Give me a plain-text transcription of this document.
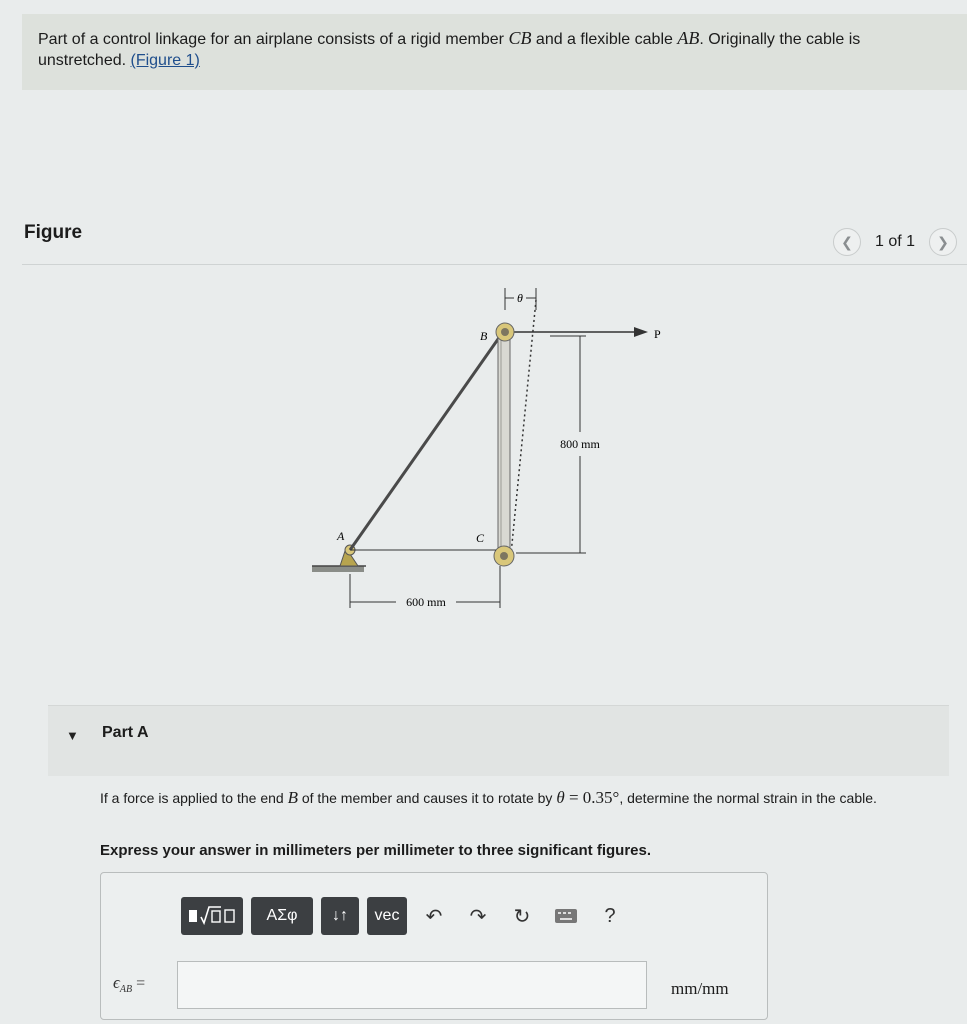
Part of a control linkage for an airplane consists of a rigid member CB and a flexible cable AB. Originally the cable is unstretched. (Figure 1)
Figure	❮	1 of 1	❯
θ
P
B
C
A
800 mm
600 mm
▼ Part A
If a force is applied to the end B of the member and causes it to rotate by θ = 0.35°, determine the normal strain in the cable.
Express your answer in millimeters per millimeter to three significant figures.
ΑΣφ	↓↑	vec	↶	↷	↻	?
$\epsilon_{AB}$ =	mm/mm
